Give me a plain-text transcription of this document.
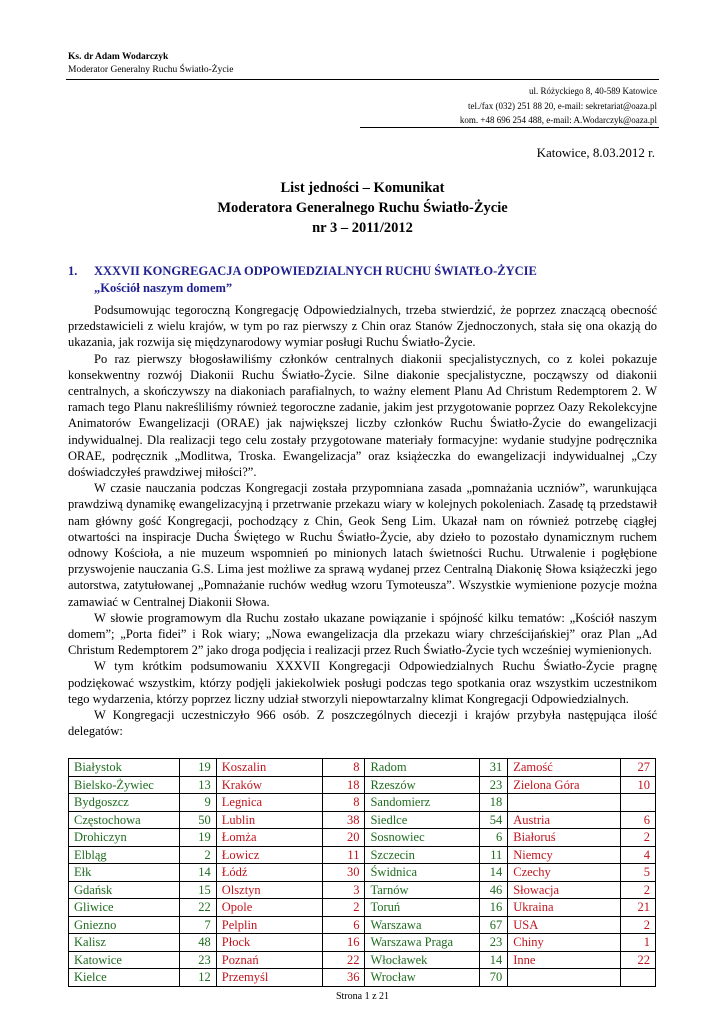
Ks. dr Adam Wodarczyk
Moderator Generalny Ruchu Światło-Życie
ul. Różyckiego 8, 40-589 Katowice
tel./fax (032) 251 88 20, e-mail: sekretariat@oaza.pl
kom. +48 696 254 488, e-mail: A.Wodarczyk@oaza.pl
Katowice, 8.03.2012 r.
List jedności – Komunikat
Moderatora Generalnego Ruchu Światło-Życie
nr 3 – 2011/2012
1. XXXVII KONGREGACJA ODPOWIEDZIALNYCH RUCHU ŚWIATŁO-ŻYCIE
„Kościół naszym domem”

Podsumowując tegoroczną Kongregację Odpowiedzialnych, trzeba stwierdzić, że poprzez znaczącą obecność przedstawicieli z wielu krajów, w tym po raz pierwszy z Chin oraz Stanów Zjednoczonych, stała się ona okazją do ukazania, jak rozwija się międzynarodowy wymiar posługi Ruchu Światło-Życie.

Po raz pierwszy błogosławiliśmy członków centralnych diakonii specjalistycznych, co z kolei pokazuje konsekwentny rozwój Diakonii Ruchu Światło-Życie. Silne diakonie specjalistyczne, począwszy od diakonii centralnych, a skończywszy na diakoniach parafialnych, to ważny element Planu Ad Christum Redemptorem 2. W ramach tego Planu nakreśliliśmy również tegoroczne zadanie, jakim jest przygotowanie poprzez Oazy Rekolekcyjne Animatorów Ewangelizacji (ORAE) jak największej liczby członków Ruchu Światło-Życie do ewangelizacji indywidualnej. Dla realizacji tego celu zostały przygotowane materiały formacyjne: wydanie studyjne podręcznika ORAE, podręcznik „Modlitwa, Troska. Ewangelizacja” oraz książeczka do ewangelizacji indywidualnej „Czy doświadczyłeś prawdziwej miłości?”.

W czasie nauczania podczas Kongregacji została przypomniana zasada „pomnażania uczniów”, warunkująca prawdziwą dynamikę ewangelizacyjną i przetrwanie przekazu wiary w kolejnych pokoleniach. Zasadę tą przedstawił nam główny gość Kongregacji, pochodzący z Chin, Geok Seng Lim. Ukazał nam on również potrzebę ciągłej otwartości na inspiracje Ducha Świętego w Ruchu Światło-Życie, aby dzieło to pozostało dynamicznym ruchem odnowy Kościoła, a nie muzeum wspomnień po minionych latach świetności Ruchu. Utrwalenie i pogłębione przyswojenie nauczania G.S. Lima jest możliwe za sprawą wydanej przez Centralną Diakonię Słowa książeczki jego autorstwa, zatytułowanej „Pomnażanie ruchów według wzoru Tymoteusza”. Wszystkie wymienione pozycje można zamawiać w Centralnej Diakonii Słowa.

W słowie programowym dla Ruchu zostało ukazane powiązanie i spójność kilku tematów: „Kościół naszym domem”; „Porta fidei” i Rok wiary; „Nowa ewangelizacja dla przekazu wiary chrześcijańskiej” oraz Plan „Ad Christum Redemptorem 2” jako droga podjęcia i realizacji przez Ruch Światło-Życie tych wcześniej wymienionych.

W tym krótkim podsumowaniu XXXVII Kongregacji Odpowiedzialnych Ruchu Światło-Życie pragnę podziękować wszystkim, którzy podjęli jakiekolwiek posługi podczas tego spotkania oraz wszystkim uczestnikom tego wydarzenia, którzy poprzez liczny udział stworzyli niepowtarzalny klimat Kongregacji Odpowiedzialnych.

W Kongregacji uczestniczyło 966 osób. Z poszczególnych diecezji i krajów przybyła następująca ilość delegatów:

Białystok	19	Koszalin	8	Radom	31	Zamość	27
Bielsko-Żywiec	13	Kraków	18	Rzeszów	23	Zielona Góra	10
Bydgoszcz	9	Legnica	8	Sandomierz	18		
Częstochowa	50	Lublin	38	Siedlce	54	Austria	6
Drohiczyn	19	Łomża	20	Sosnowiec	6	Białoruś	2
Elbląg	2	Łowicz	11	Szczecin	11	Niemcy	4
Ełk	14	Łódź	30	Świdnica	14	Czechy	5
Gdańsk	15	Olsztyn	3	Tarnów	46	Słowacja	2
Gliwice	22	Opole	2	Toruń	16	Ukraina	21
Gniezno	7	Pelplin	6	Warszawa	67	USA	2
Kalisz	48	Płock	16	Warszawa Praga	23	Chiny	1
Katowice	23	Poznań	22	Włocławek	14	Inne	22
Kielce	12	Przemyśl	36	Wrocław	70		
Strona 1 z 21
